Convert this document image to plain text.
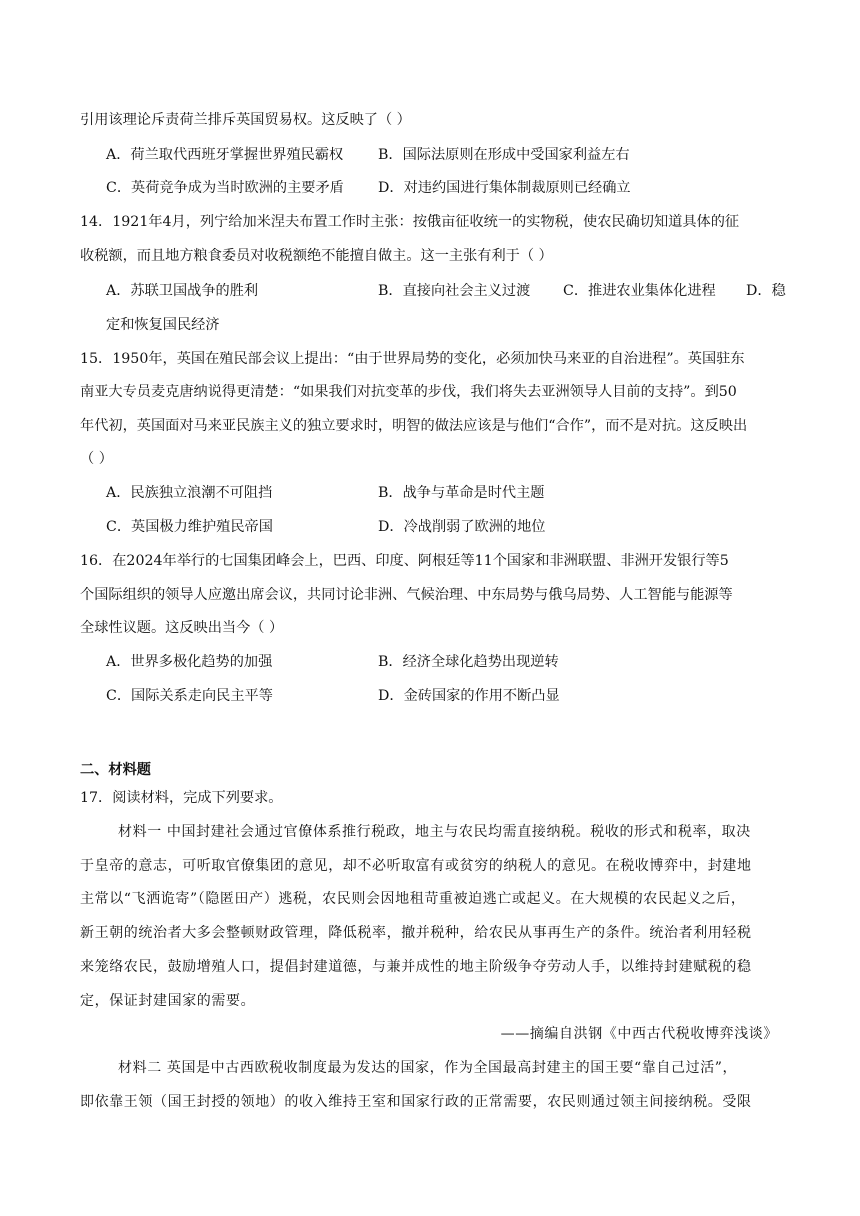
引用该理论斥责荷兰排斥英国贸易权。这反映了（ ）
A．荷兰取代西班牙掌握世界殖民霸权 B．国际法原则在形成中受国家利益左右
C．英荷竞争成为当时欧洲的主要矛盾 D．对违约国进行集体制裁原则已经确立
14．1921年4月，列宁给加米涅夫布置工作时主张：按俄亩征收统一的实物税，使农民确切知道具体的征
收税额，而且地方粮食委员对收税额绝不能擅自做主。这一主张有利于（ ）
A．苏联卫国战争的胜利	B．直接向社会主义过渡 C．推进农业集体化进程 D．稳
定和恢复国民经济
15．1950年，英国在殖民部会议上提出：“由于世界局势的变化，必须加快马来亚的自治进程”。英国驻东
南亚大专员麦克唐纳说得更清楚：“如果我们对抗变革的步伐，我们将失去亚洲领导人目前的支持”。到50
年代初，英国面对马来亚民族主义的独立要求时，明智的做法应该是与他们“合作”，而不是对抗。这反映出
（ ）
A．民族独立浪潮不可阻挡	B．战争与革命是时代主题
C．英国极力维护殖民帝国	D．冷战削弱了欧洲的地位
16．在2024年举行的七国集团峰会上，巴西、印度、阿根廷等11个国家和非洲联盟、非洲开发银行等5
个国际组织的领导人应邀出席会议，共同讨论非洲、气候治理、中东局势与俄乌局势、人工智能与能源等
全球性议题。这反映出当今（ ）
A．世界多极化趋势的加强	B．经济全球化趋势出现逆转
C．国际关系走向民主平等	D．金砖国家的作用不断凸显
二、材料题
17．阅读材料，完成下列要求。
材料一 中国封建社会通过官僚体系推行税政，地主与农民均需直接纳税。税收的形式和税率，取决
于皇帝的意志，可听取官僚集团的意见，却不必听取富有或贫穷的纳税人的意见。在税收博弈中，封建地
主常以“飞洒诡寄”（隐匿田产）逃税，农民则会因地租苛重被迫逃亡或起义。在大规模的农民起义之后，
新王朝的统治者大多会整顿财政管理，降低税率，撤并税种，给农民从事再生产的条件。统治者利用轻税
来笼络农民，鼓励增殖人口，提倡封建道德，与兼并成性的地主阶级争夺劳动人手，以维持封建赋税的稳
定，保证封建国家的需要。
——摘编自洪钢《中西古代税收博弈浅谈》
材料二 英国是中古西欧税收制度最为发达的国家，作为全国最高封建主的国王要“靠自己过活”，
即依靠王领（国王封授的领地）的收入维持王室和国家行政的正常需要，农民则通过领主间接纳税。受限
